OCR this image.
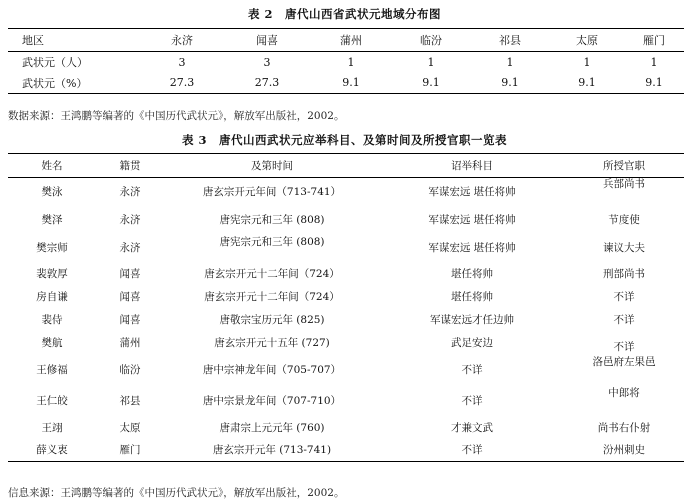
表 2　唐代山西省武状元地域分布图
地区	永济	闻喜	蒲州	临汾	祁县	太原	雁门
武状元（人）	3	3	1	1	1	1	1
武状元（%）	27.3	27.3	9.1	9.1	9.1	9.1	9.1
数据来源：王鸿鹏等编著的《中国历代武状元》，解放军出版社，2002。
表 3　唐代山西武状元应举科目、及第时间及所授官职一览表
姓名	籍贯	及第时间	诏举科目	所授官职
樊泳	永济	唐玄宗开元年间（713-741）	军谋宏远 堪任将帅	兵部尚书
樊泽	永济	唐宪宗元和三年 (808)	军谋宏远 堪任将帅	节度使
樊宗师	永济	唐宪宗元和三年 (808)	军谋宏远 堪任将帅	谏议大夫
裴敦厚	闻喜	唐玄宗开元十二年间（724）	堪任将帅	刑部尚书
房自谦	闻喜	唐玄宗开元十二年间（724）	堪任将帅	不详
裴侍	闻喜	唐敬宗宝历元年 (825)	军谋宏远才任边帅	不详
樊航	蒲州	唐玄宗开元十五年 (727)	武足安边	不详
王修福	临汾	唐中宗神龙年间（705-707）	不详	洛邑府左果邑
王仁皎	祁县	唐中宗景龙年间（707-710）	不详	中郎将
王翊	太原	唐肃宗上元元年 (760)	才兼文武	尚书右仆射
薛义衷	雁门	唐玄宗开元年 (713-741)	不详	汾州刺史
信息来源：王鸿鹏等编著的《中国历代武状元》，解放军出版社，2002。
